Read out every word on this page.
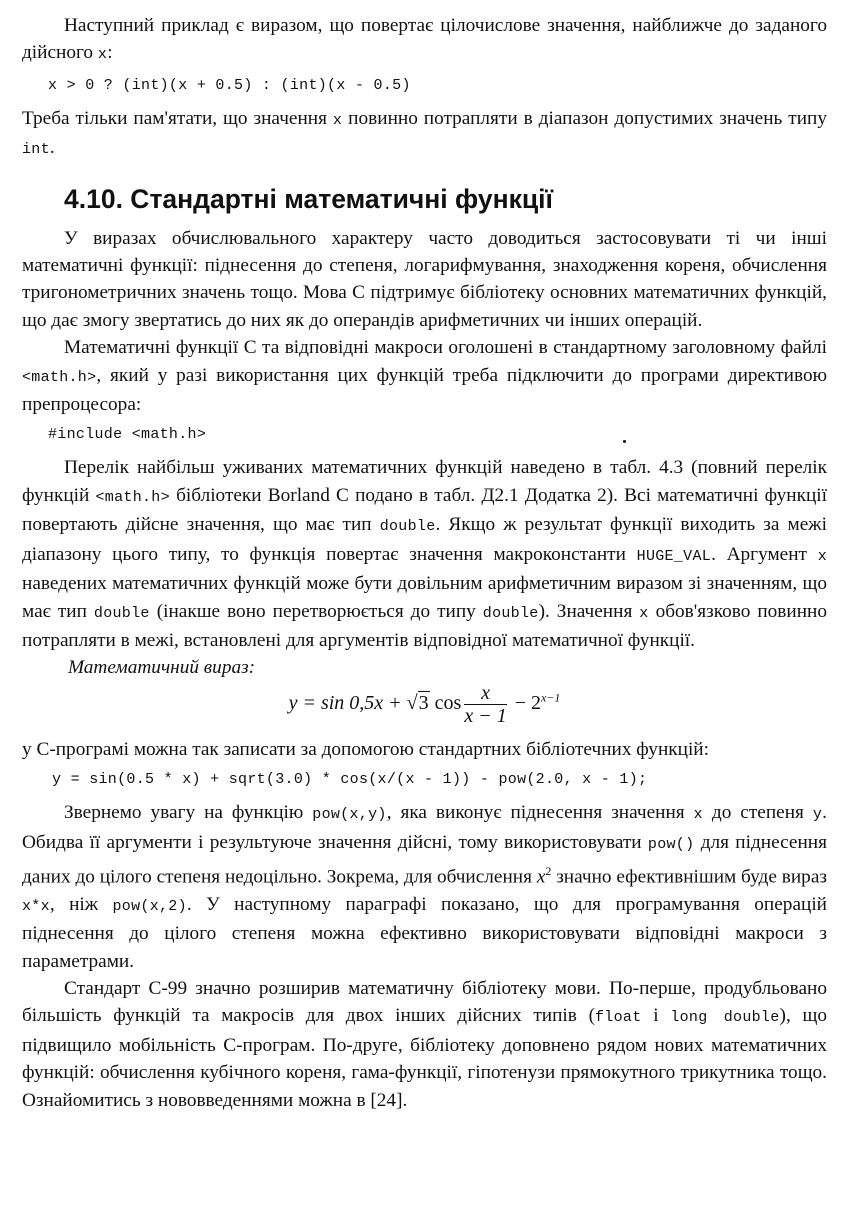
Наступний приклад є виразом, що повертає цілочислове значення, найближче до заданого дійсного x:

x > 0 ? (int)(x + 0.5) : (int)(x - 0.5)

Треба тільки пам'ятати, що значення x повинно потрапляти в діапазон допустимих значень типу int.

4.10. Стандартні математичні функції

У виразах обчислювального характеру часто доводиться застосовувати ті чи інші математичні функції: піднесення до степеня, логарифмування, знаходження кореня, обчислення тригонометричних значень тощо. Мова С підтримує бібліотеку основних математичних функцій, що дає змогу звертатись до них як до операндів арифметичних чи інших операцій.

Математичні функції С та відповідні макроси оголошені в стандартному заголовному файлі <math.h>, який у разі використання цих функцій треба підключити до програми директивою препроцесора:

#include <math.h>

Перелік найбільш уживаних математичних функцій наведено в табл. 4.3 (повний перелік функцій <math.h> бібліотеки Borland C подано в табл. Д2.1 Додатка 2). Всі математичні функції повертають дійсне значення, що має тип double. Якщо ж результат функції виходить за межі діапазону цього типу, то функція повертає значення макроконстанти HUGE_VAL. Аргумент x наведених математичних функцій може бути довільним арифметичним виразом зі значенням, що має тип double (інакше воно перетворюється до типу double). Значення x обов'язково повинно потрапляти в межі, встановлені для аргументів відповідної математичної функції.

Математичний вираз:

y = sin 0,5x + √3 $\cos \frac{x}{x - 1} - 2^{x-1}$

у С-програмі можна так записати за допомогою стандартних бібліотечних функцій:

y = sin(0.5 * x) + sqrt(3.0) * cos(x/(x - 1)) - pow(2.0, x - 1);

Звернемо увагу на функцію pow(x,y), яка виконує піднесення значення x до степеня y. Обидва її аргументи і результуюче значення дійсні, тому використовувати pow() для піднесення даних до цілого степеня недоцільно. Зокрема, для обчислення $x^2$ значно ефективнішим буде вираз x*x, ніж pow(x,2). У наступному параграфі показано, що для програмування операцій піднесення до цілого степеня можна ефективно використовувати відповідні макроси з параметрами.

Стандарт С-99 значно розширив математичну бібліотеку мови. По-перше, продубльовано більшість функцій та макросів для двох інших дійсних типів (float і long double), що підвищило мобільність С-програм. По-друге, бібліотеку доповнено рядом нових математичних функцій: обчислення кубічного кореня, гама-функції, гіпотенузи прямокутного трикутника тощо. Ознайомитись з нововведеннями можна в [24].
